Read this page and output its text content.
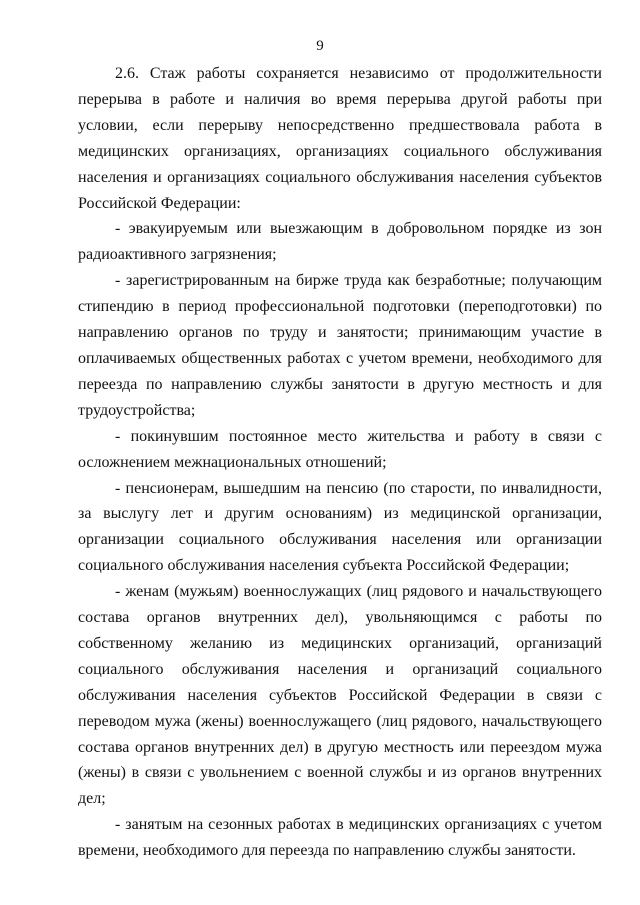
9

2.6. Стаж работы сохраняется независимо от продолжительности перерыва в работе и наличия во время перерыва другой работы при условии, если перерыву непосредственно предшествовала работа в медицинских организациях, организациях социального обслуживания населения и организациях социального обслуживания населения субъектов Российской Федерации:

- эвакуируемым или выезжающим в добровольном порядке из зон радиоактивного загрязнения;

- зарегистрированным на бирже труда как безработные; получающим стипендию в период профессиональной подготовки (переподготовки) по направлению органов по труду и занятости; принимающим участие в оплачиваемых общественных работах с учетом времени, необходимого для переезда по направлению службы занятости в другую местность и для трудоустройства;

- покинувшим постоянное место жительства и работу в связи с осложнением межнациональных отношений;

- пенсионерам, вышедшим на пенсию (по старости, по инвалидности, за выслугу лет и другим основаниям) из медицинской организации, организации социального обслуживания населения или организации социального обслуживания населения субъекта Российской Федерации;

- женам (мужьям) военнослужащих (лиц рядового и начальствующего состава органов внутренних дел), увольняющимся с работы по собственному желанию из медицинских организаций, организаций социального обслуживания населения и организаций социального обслуживания населения субъектов Российской Федерации в связи с переводом мужа (жены) военнослужащего (лиц рядового, начальствующего состава органов внутренних дел) в другую местность или переездом мужа (жены) в связи с увольнением с военной службы и из органов внутренних дел;

- занятым на сезонных работах в медицинских организациях с учетом времени, необходимого для переезда по направлению службы занятости.
